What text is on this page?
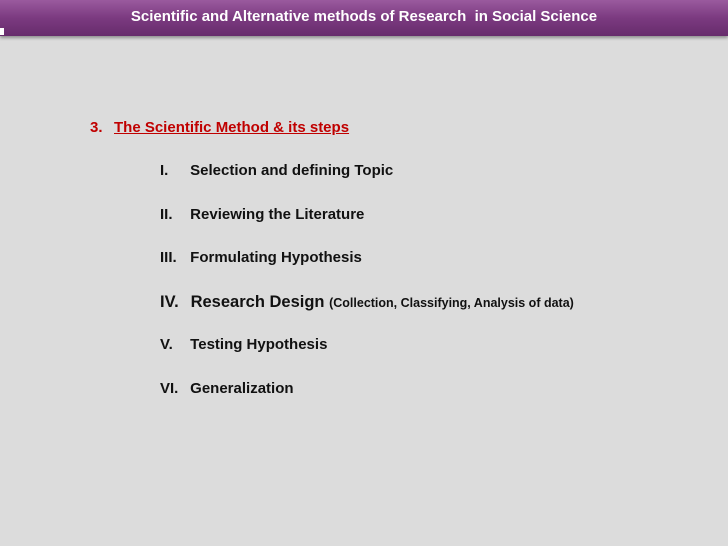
Scientific and Alternative methods of Research  in Social Science
3. The Scientific Method & its steps
I. Selection and defining Topic
II. Reviewing the Literature
III. Formulating Hypothesis
IV. Research Design (Collection, Classifying, Analysis of data)
V. Testing Hypothesis
VI. Generalization
